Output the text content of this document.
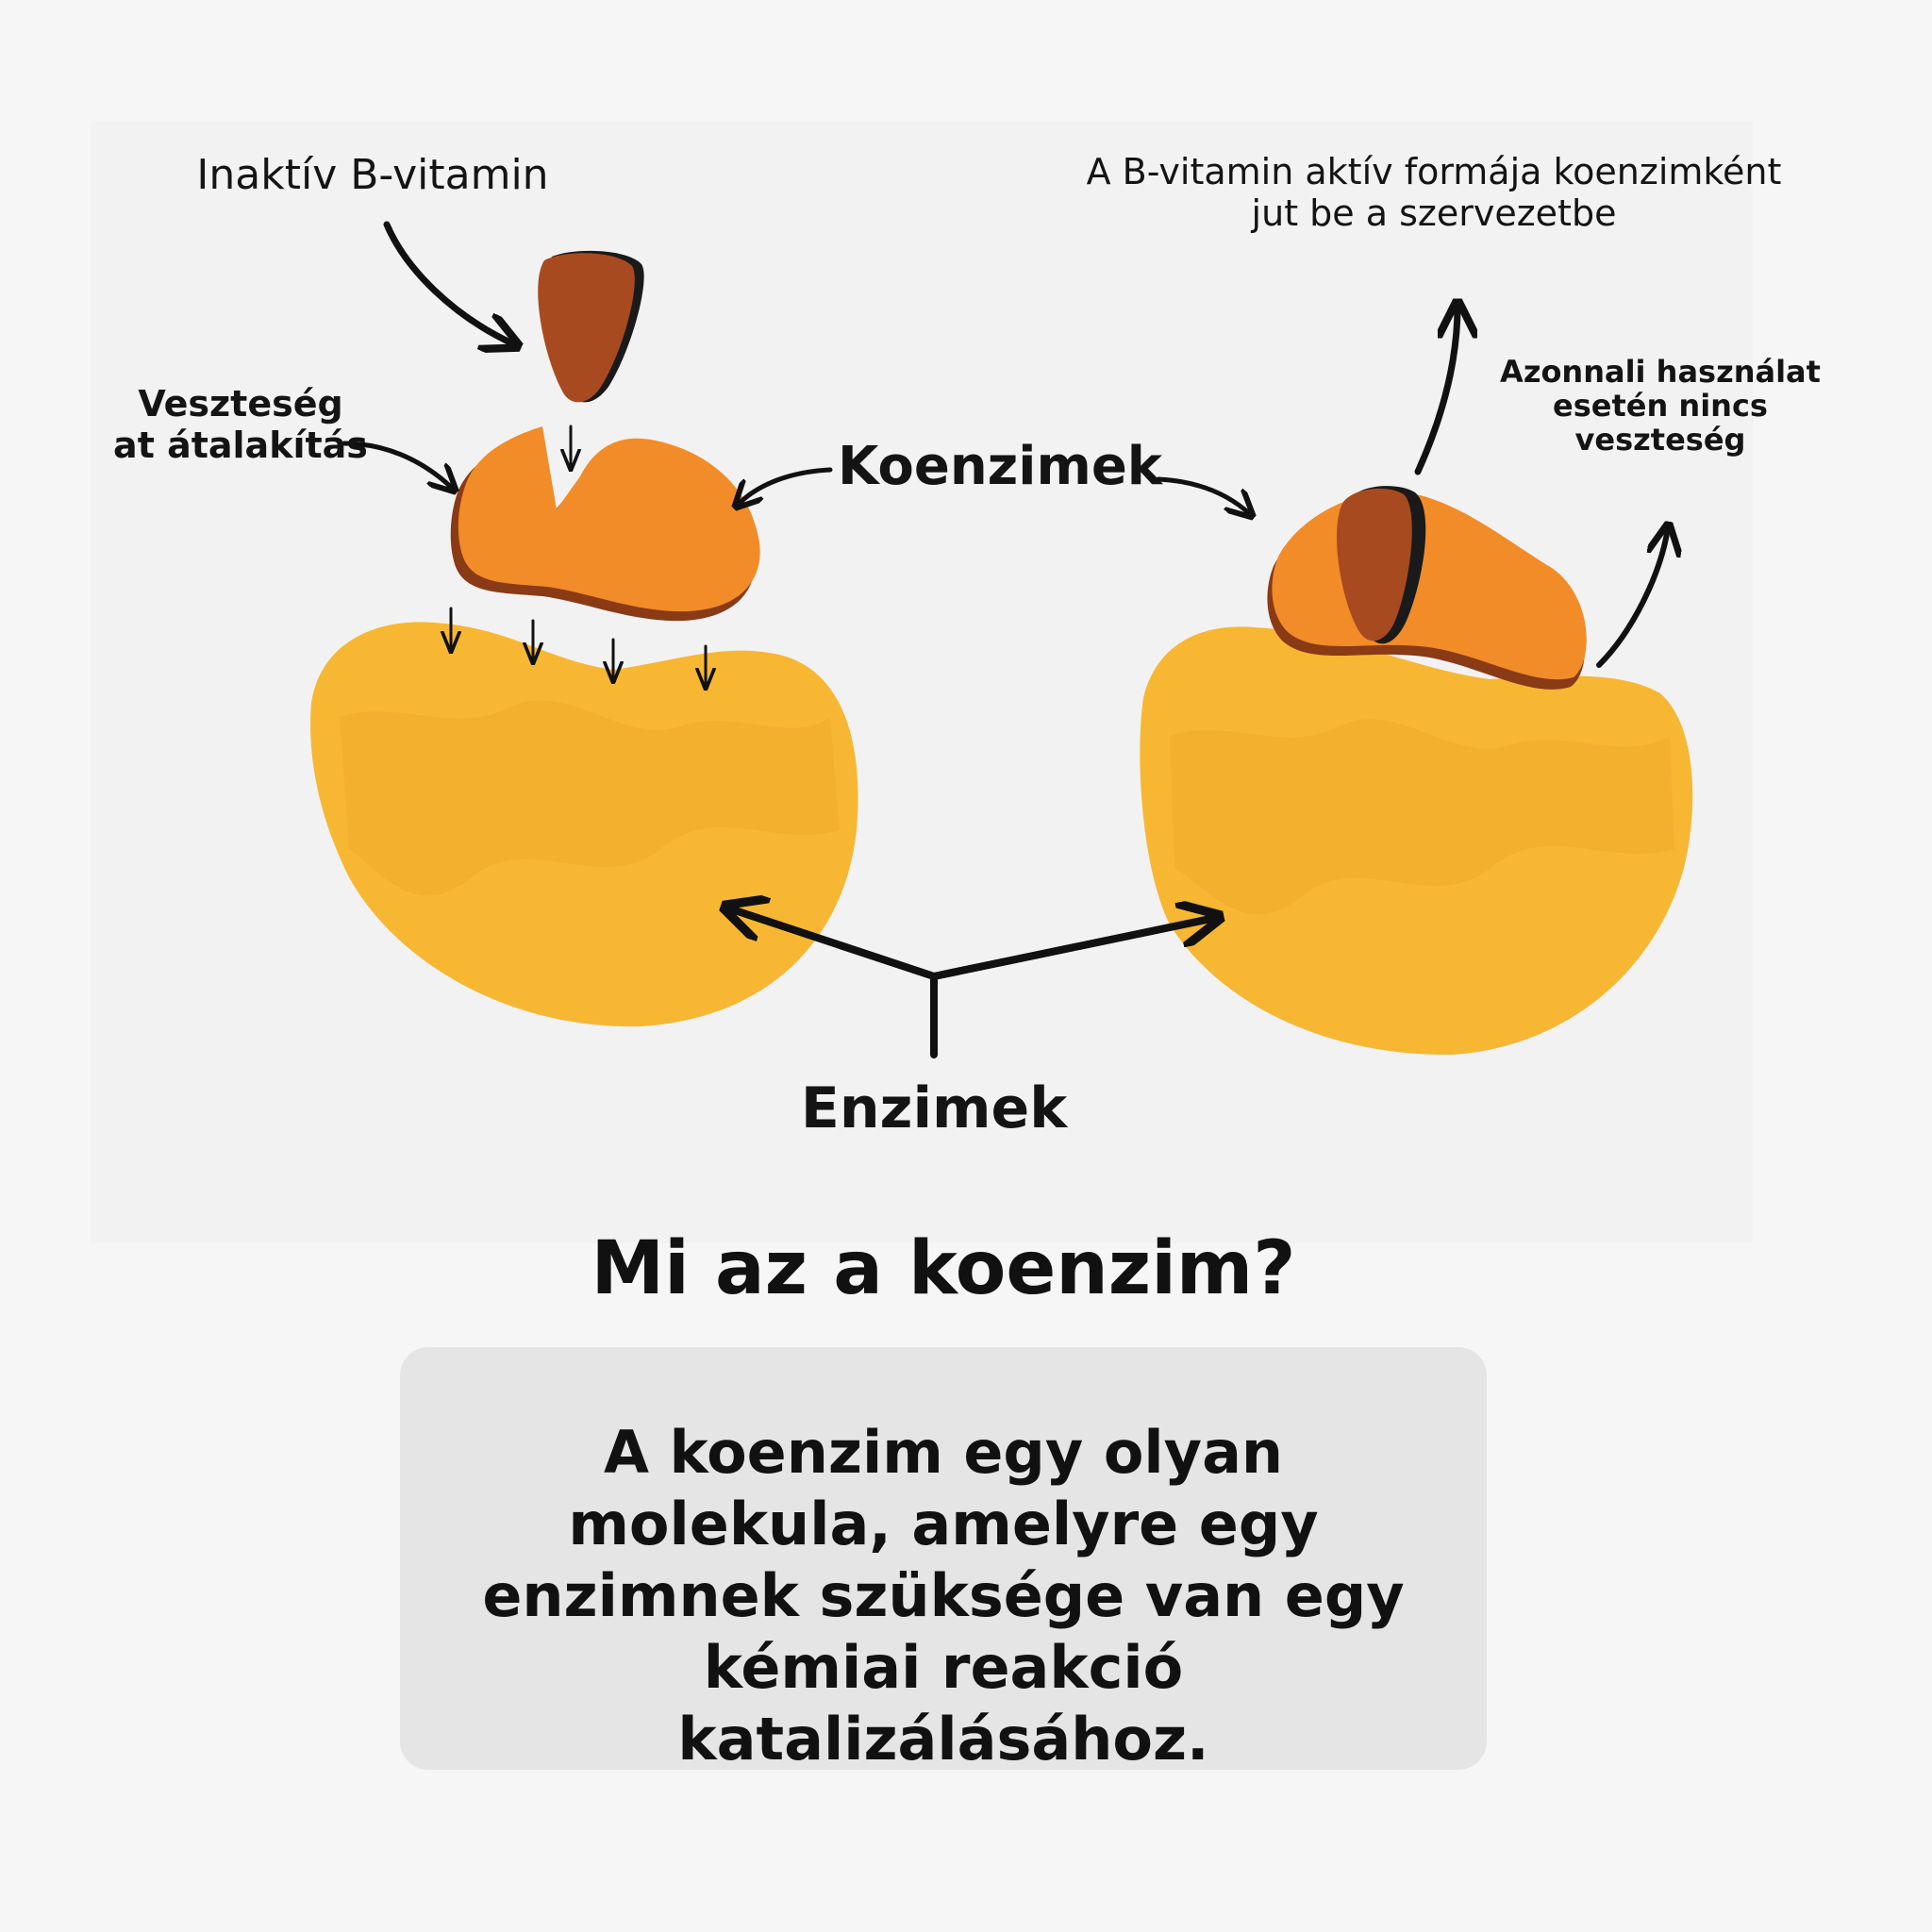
Inaktív B-vitamin	A B-vitamin aktív formája koenzimként jut be a szervezetbe
Veszteség at átalakítás
Azonnali használat esetén nincs veszteség
Koenzimek
Enzimek
Mi az a koenzim?
A koenzim egy olyan molekula, amelyre egy enzimnek szüksége van egy kémiai reakció katalizálásához.
